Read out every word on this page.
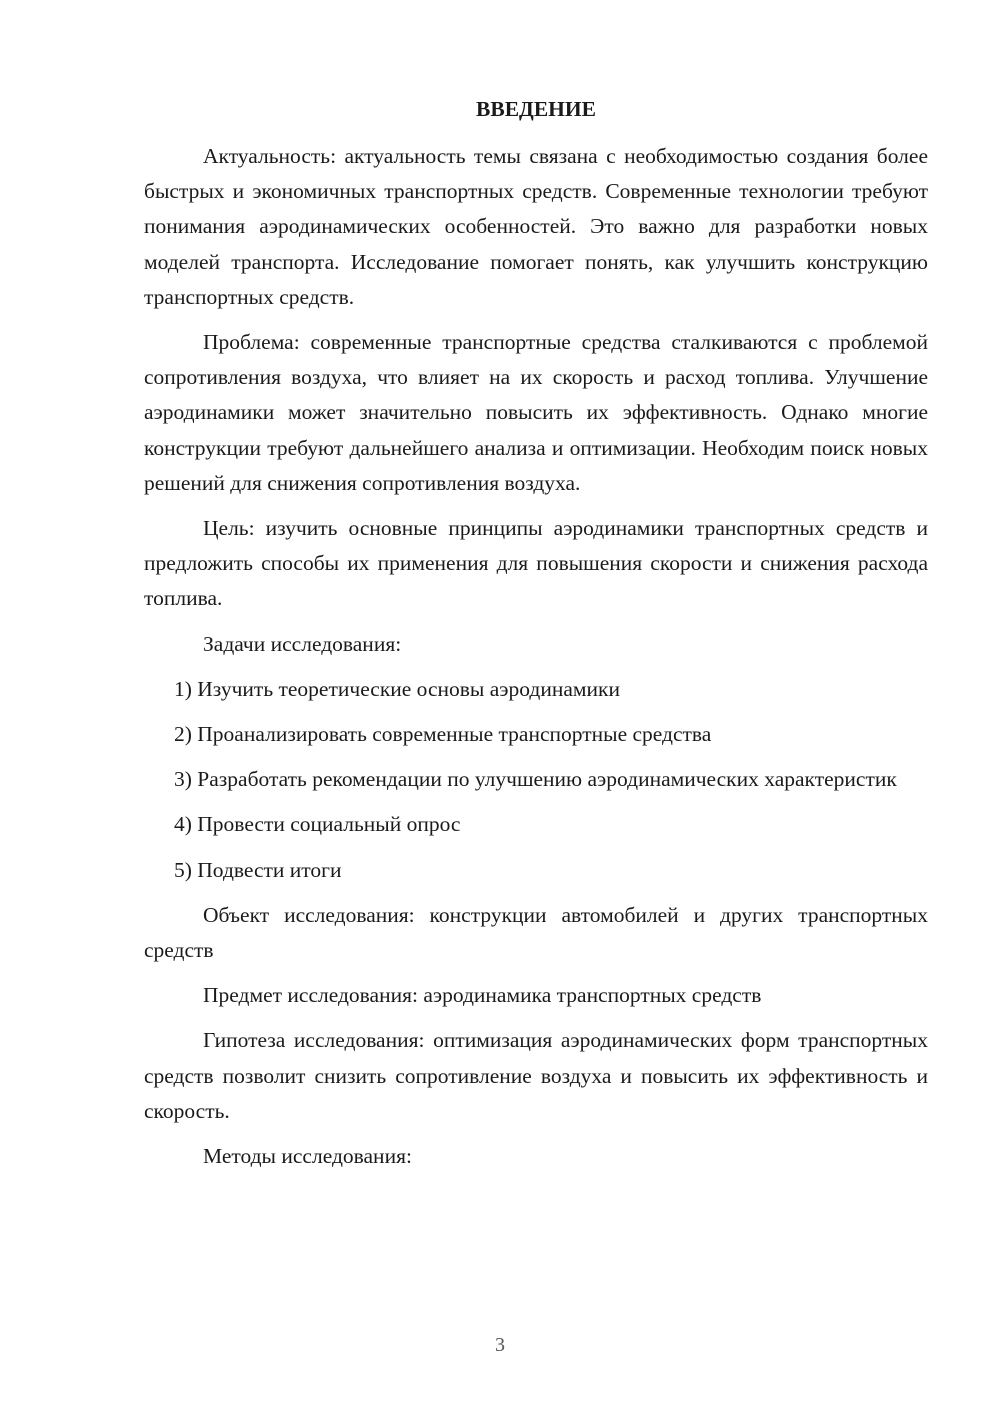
ВВЕДЕНИЕ

Актуальность: актуальность темы связана с необходимостью создания более быстрых и экономичных транспортных средств. Современные технологии требуют понимания аэродинамических особенностей. Это важно для разработки новых моделей транспорта. Исследование помогает понять, как улучшить конструкцию транспортных средств.

Проблема: современные транспортные средства сталкиваются с проблемой сопротивления воздуха, что влияет на их скорость и расход топлива. Улучшение аэродинамики может значительно повысить их эффективность. Однако многие конструкции требуют дальнейшего анализа и оптимизации. Необходим поиск новых решений для снижения сопротивления воздуха.

Цель: изучить основные принципы аэродинамики транспортных средств и предложить способы их применения для повышения скорости и снижения расхода топлива.

Задачи исследования:

1) Изучить теоретические основы аэродинамики

2) Проанализировать современные транспортные средства

3) Разработать рекомендации по улучшению аэродинамических характеристик

4) Провести социальный опрос

5) Подвести итоги

Объект исследования: конструкции автомобилей и других транспортных средств

Предмет исследования: аэродинамика транспортных средств

Гипотеза исследования: оптимизация аэродинамических форм транспортных средств позволит снизить сопротивление воздуха и повысить их эффективность и скорость.

Методы исследования:

3
